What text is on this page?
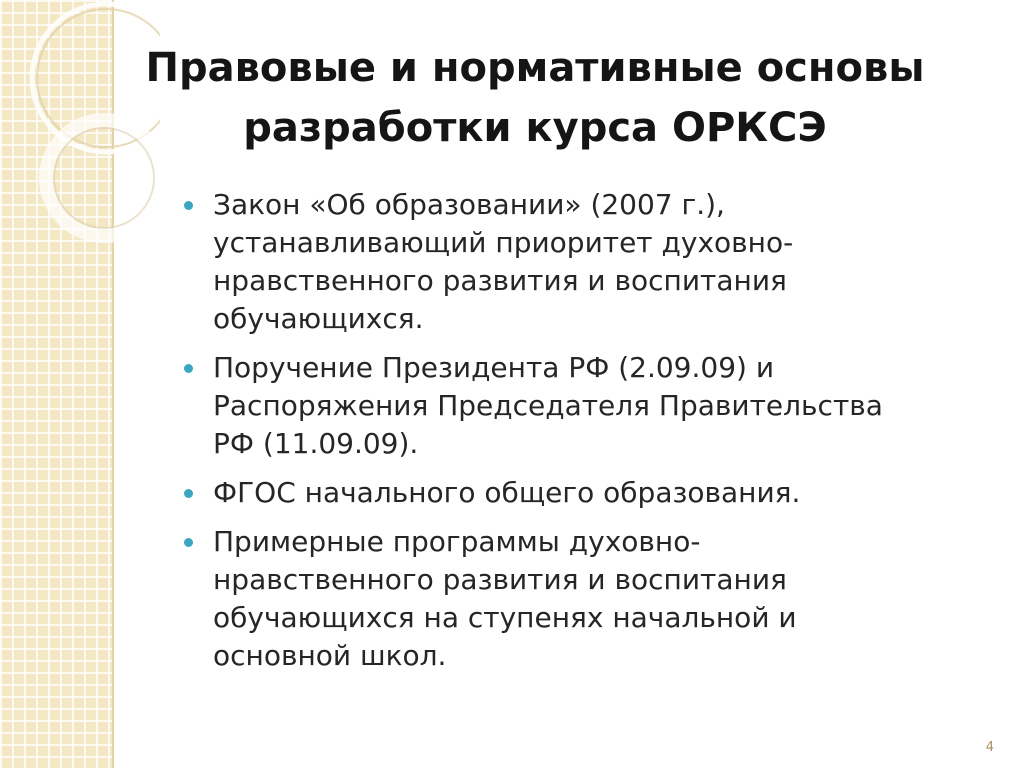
Правовые и нормативные основы
разработки курса ОРКСЭ
Закон «Об образовании» (2007 г.),
устанавливающий приоритет духовно-
нравственного развития и воспитания
обучающихся.
Поручение Президента РФ (2.09.09) и
Распоряжения Председателя Правительства
РФ (11.09.09).
ФГОС начального общего образования.
Примерные программы духовно-
нравственного развития и воспитания
обучающихся на ступенях начальной и
основной школ.
4
